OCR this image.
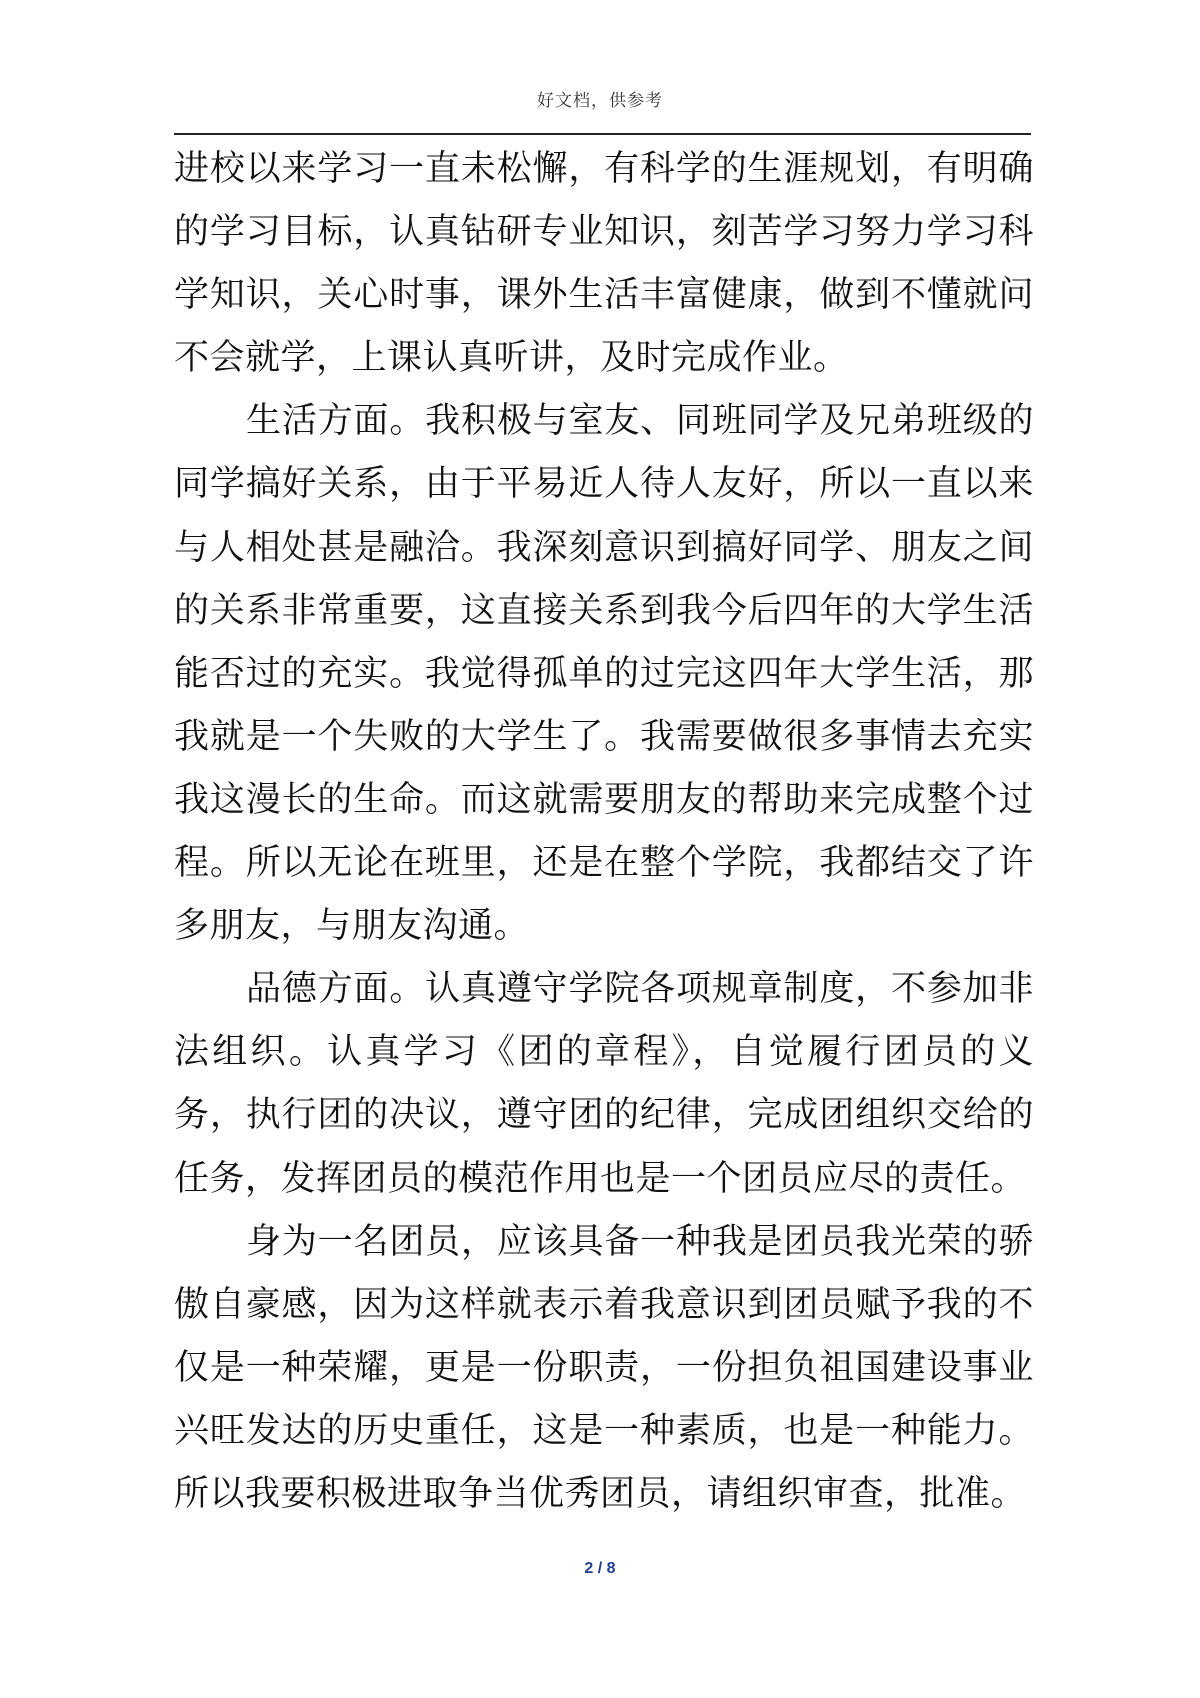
好文档，供参考

进校以来学习一直未松懈，有科学的生涯规划，有明确的学习目标，认真钻研专业知识，刻苦学习努力学习科学知识，关心时事，课外生活丰富健康，做到不懂就问不会就学，上课认真听讲，及时完成作业。

生活方面。我积极与室友、同班同学及兄弟班级的同学搞好关系，由于平易近人待人友好，所以一直以来与人相处甚是融洽。我深刻意识到搞好同学、朋友之间的关系非常重要，这直接关系到我今后四年的大学生活能否过的充实。我觉得孤单的过完这四年大学生活，那我就是一个失败的大学生了。我需要做很多事情去充实我这漫长的生命。而这就需要朋友的帮助来完成整个过程。所以无论在班里，还是在整个学院，我都结交了许多朋友，与朋友沟通。

品德方面。认真遵守学院各项规章制度，不参加非法组织。认真学习《团的章程》，自觉履行团员的义务，执行团的决议，遵守团的纪律，完成团组织交给的任务，发挥团员的模范作用也是一个团员应尽的责任。

身为一名团员，应该具备一种我是团员我光荣的骄傲自豪感，因为这样就表示着我意识到团员赋予我的不仅是一种荣耀，更是一份职责，一份担负祖国建设事业兴旺发达的历史重任，这是一种素质，也是一种能力。所以我要积极进取争当优秀团员，请组织审查，批准。

2 / 8
